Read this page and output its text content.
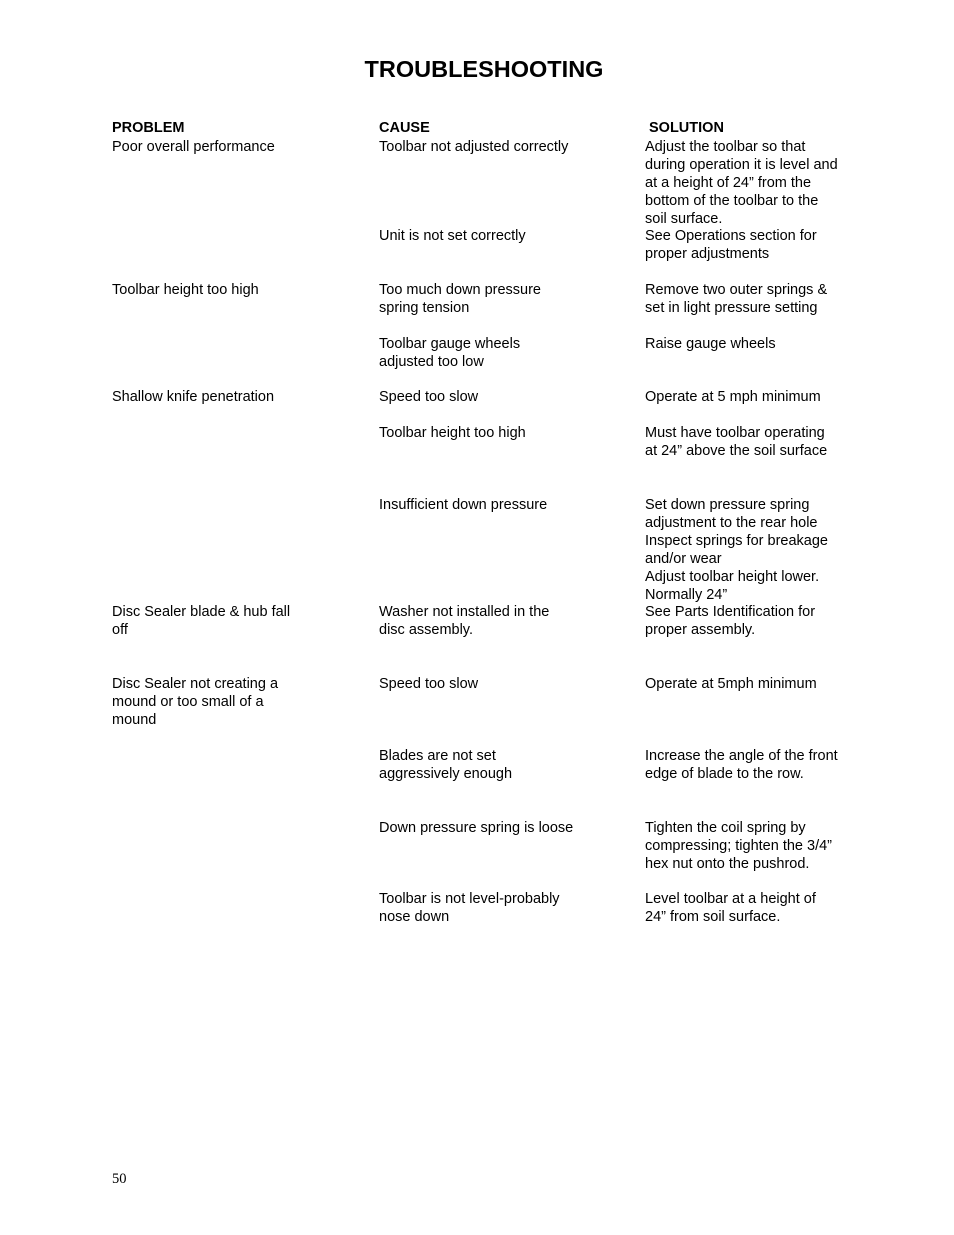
TROUBLESHOOTING
PROBLEM	CAUSE	SOLUTION
Poor overall performance
Toolbar height too high
Shallow knife penetration
Disc Sealer blade & hub fall
off
Disc Sealer not creating a
mound or too small of a
mound
Toolbar not adjusted correctly
Unit is not set correctly
Too much down pressure
spring tension
Toolbar gauge wheels
adjusted too low
Speed too slow
Toolbar height too high
Insufficient down pressure
Washer not installed in the
disc assembly.
Speed too slow
Blades are not set
aggressively enough
Down pressure spring is loose
Toolbar is not level-probably
nose down
Adjust the toolbar so that
during operation it is level and
at a height of 24” from the
bottom of the toolbar to the
soil surface.
See Operations section for
proper adjustments
Remove two outer springs &
set in light pressure setting
Raise gauge wheels
Operate at 5 mph minimum
Must have toolbar operating
at 24” above the soil surface
Set down pressure spring
adjustment to the rear hole
Inspect springs for breakage
and/or wear
Adjust toolbar height lower.
Normally 24”
See Parts Identification for
proper assembly.
Operate at 5mph minimum
Increase the angle of the front
edge of blade to the row.
Tighten the coil spring by
compressing; tighten the 3/4”
hex nut onto the pushrod.
Level toolbar at a height of
24” from soil surface.
50
